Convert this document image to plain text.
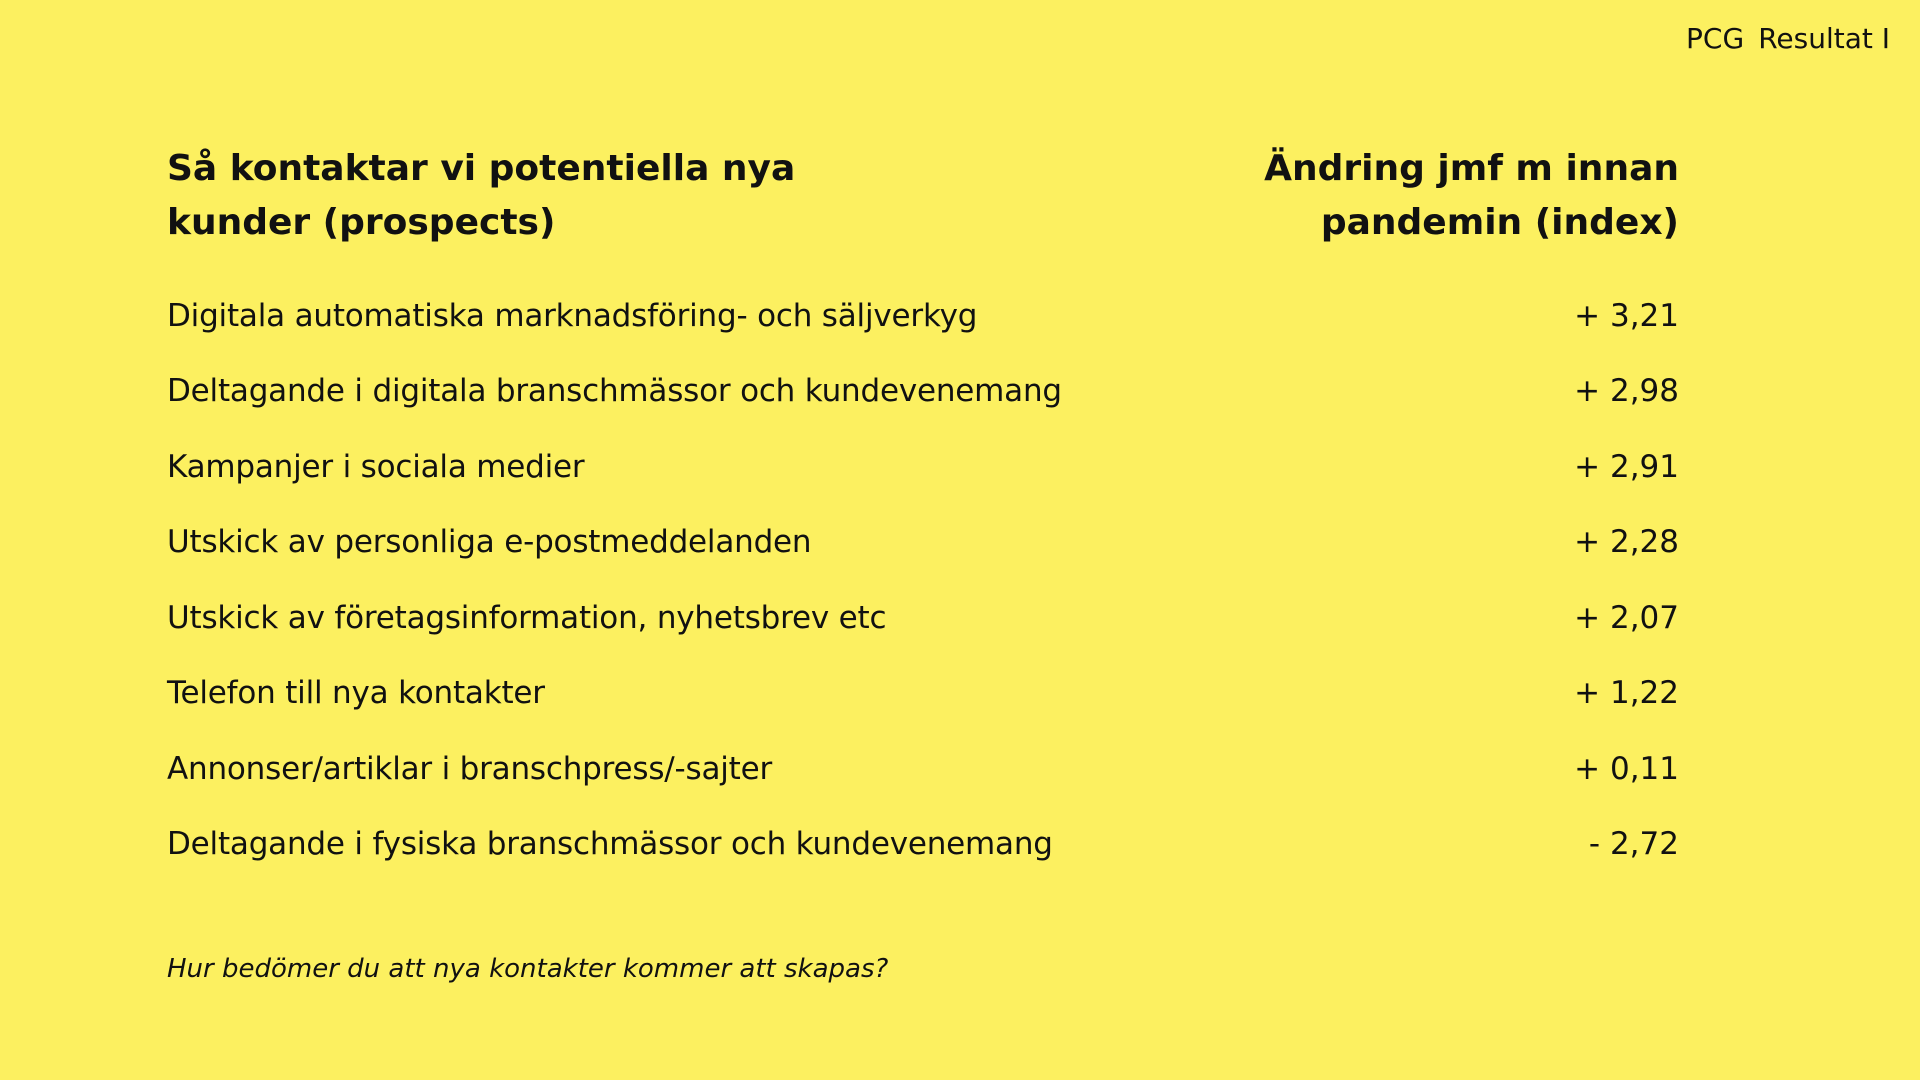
PCG Resultat I
Så kontaktar vi potentiella nya kunder (prospects)
Ändring jmf m innan pandemin (index)
Digitala automatiska marknadsföring- och säljverkyg	+ 3,21
Deltagande i digitala branschmässor och kundevenemang	+ 2,98
Kampanjer i sociala medier	+ 2,91
Utskick av personliga e-postmeddelanden	+ 2,28
Utskick av företagsinformation, nyhetsbrev etc	+ 2,07
Telefon till nya kontakter	+ 1,22
Annonser/artiklar i branschpress/-sajter	+ 0,11
Deltagande i fysiska branschmässor och kundevenemang	- 2,72
Hur bedömer du att nya kontakter kommer att skapas?
